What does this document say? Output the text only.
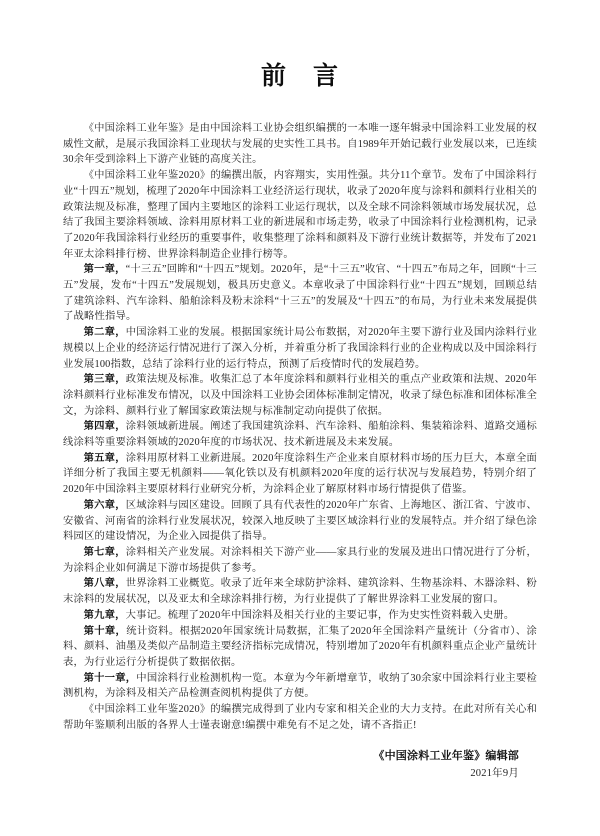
前　言

《中国涂料工业年鉴》是由中国涂料工业协会组织编撰的一本唯一逐年辑录中国涂料工业发展的权威性文献，是展示我国涂料工业现状与发展的史实性工具书。自1989年开始记载行业发展以来，已连续30余年受到涂料上下游产业链的高度关注。

《中国涂料工业年鉴2020》的编撰出版，内容翔实，实用性强。共分11个章节。发布了中国涂料行业“十四五”规划，梳理了2020年中国涂料工业经济运行现状，收录了2020年度与涂料和颜料行业相关的政策法规及标准，整理了国内主要地区的涂料工业运行现状，以及全球不同涂料领域市场发展状况，总结了我国主要涂料领域、涂料用原材料工业的新进展和市场走势，收录了中国涂料行业检测机构，记录了2020年我国涂料行业经历的重要事件，收集整理了涂料和颜料及下游行业统计数据等，并发布了2021年亚太涂料排行榜、世界涂料制造企业排行榜等。

第一章，“十三五”回眸和“十四五”规划。2020年，是“十三五”收官、“十四五”布局之年，回顾“十三五”发展，发布“十四五”发展规划，极具历史意义。本章收录了中国涂料行业“十四五”规划，回顾总结了建筑涂料、汽车涂料、船舶涂料及粉末涂料“十三五”的发展及“十四五”的布局，为行业未来发展提供了战略性指导。

第二章，中国涂料工业的发展。根据国家统计局公布数据，对2020年主要下游行业及国内涂料行业规模以上企业的经济运行情况进行了深入分析，并着重分析了我国涂料行业的企业构成以及中国涂料行业发展100指数，总结了涂料行业的运行特点，预测了后疫情时代的发展趋势。

第三章，政策法规及标准。收集汇总了本年度涂料和颜料行业相关的重点产业政策和法规、2020年涂料颜料行业标准发布情况，以及中国涂料工业协会团体标准制定情况，收录了绿色标准和团体标准全文，为涂料、颜料行业了解国家政策法规与标准制定动向提供了依据。

第四章，涂料领域新进展。阐述了我国建筑涂料、汽车涂料、船舶涂料、集装箱涂料、道路交通标线涂料等重要涂料领域的2020年度的市场状况、技术新进展及未来发展。

第五章，涂料用原材料工业新进展。2020年度涂料生产企业来自原材料市场的压力巨大，本章全面详细分析了我国主要无机颜料——氧化铁以及有机颜料2020年度的运行状况与发展趋势，特别介绍了2020年中国涂料主要原材料行业研究分析，为涂料企业了解原材料市场行情提供了借鉴。

第六章，区域涂料与园区建设。回顾了具有代表性的2020年广东省、上海地区、浙江省、宁波市、安徽省、河南省的涂料行业发展状况，较深入地反映了主要区域涂料行业的发展特点。并介绍了绿色涂料园区的建设情况，为企业入园提供了指导。

第七章，涂料相关产业发展。对涂料相关下游产业——家具行业的发展及进出口情况进行了分析，为涂料企业如何满足下游市场提供了参考。

第八章，世界涂料工业概览。收录了近年来全球防护涂料、建筑涂料、生物基涂料、木器涂料、粉末涂料的发展状况，以及亚太和全球涂料排行榜，为行业提供了了解世界涂料工业发展的窗口。

第九章，大事记。梳理了2020年中国涂料及相关行业的主要记事，作为史实性资料载入史册。

第十章，统计资料。根据2020年国家统计局数据，汇集了2020年全国涂料产量统计（分省市）、涂料、颜料、油墨及类似产品制造主要经济指标完成情况，特别增加了2020年有机颜料重点企业产量统计表，为行业运行分析提供了数据依据。

第十一章，中国涂料行业检测机构一览。本章为今年新增章节，收纳了30余家中国涂料行业主要检测机构，为涂料及相关产品检测查阅机构提供了方便。

《中国涂料工业年鉴2020》的编撰完成得到了业内专家和相关企业的大力支持。在此对所有关心和帮助年鉴顺利出版的各界人士谨表谢意!编撰中难免有不足之处，请不吝指正!

《中国涂料工业年鉴》编辑部
2021年9月
